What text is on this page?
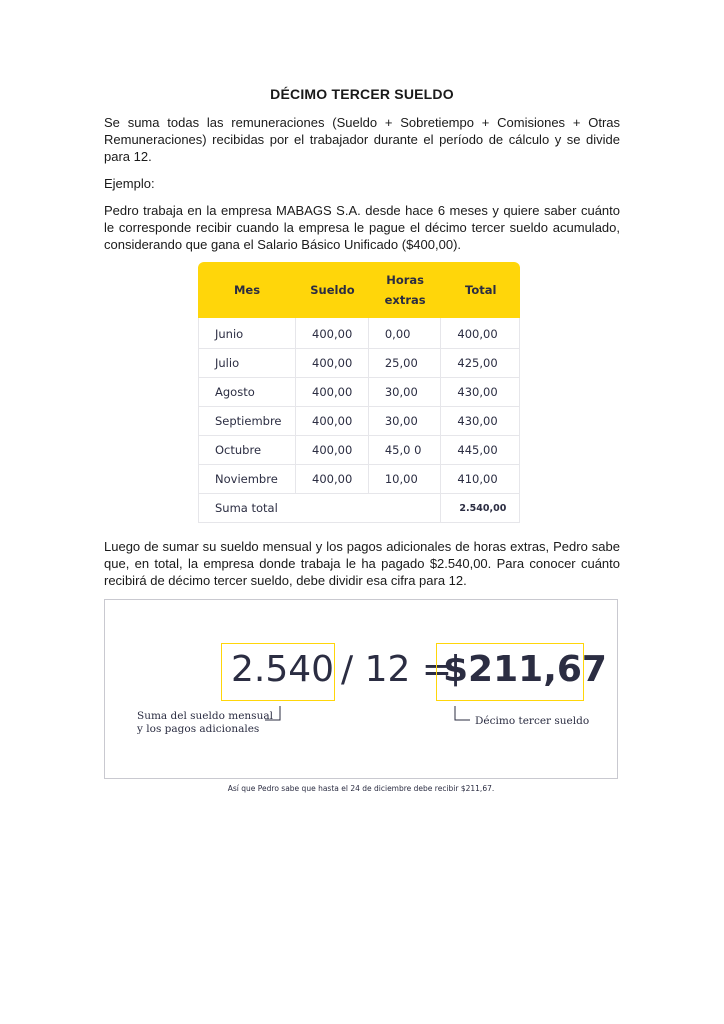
DÉCIMO TERCER SUELDO

Se suma todas las remuneraciones (Sueldo + Sobretiempo + Comisiones + Otras Remuneraciones) recibidas por el trabajador durante el período de cálculo y se divide para 12.

Ejemplo:

Pedro trabaja en la empresa MABAGS S.A. desde hace 6 meses y quiere saber cuánto le corresponde recibir cuando la empresa le pague el décimo tercer sueldo acumulado, considerando que gana el Salario Básico Unificado ($400,00).

Mes	Sueldo	Horas extras	Total
Junio	400,00	0,00	400,00
Julio	400,00	25,00	425,00
Agosto	400,00	30,00	430,00
Septiembre	400,00	30,00	430,00
Octubre	400,00	45,0 0	445,00
Noviembre	400,00	10,00	410,00
Suma total			2.540,00

Luego de sumar su sueldo mensual y los pagos adicionales de horas extras, Pedro sabe que, en total, la empresa donde trabaja le ha pagado $2.540,00. Para conocer cuánto recibirá de décimo tercer sueldo, debe dividir esa cifra para 12.

2.540 / 12 =
$211,67
Suma del sueldo mensual
y los pagos adicionales
Décimo tercer sueldo
Así que Pedro sabe que hasta el 24 de diciembre debe recibir $211,67.
